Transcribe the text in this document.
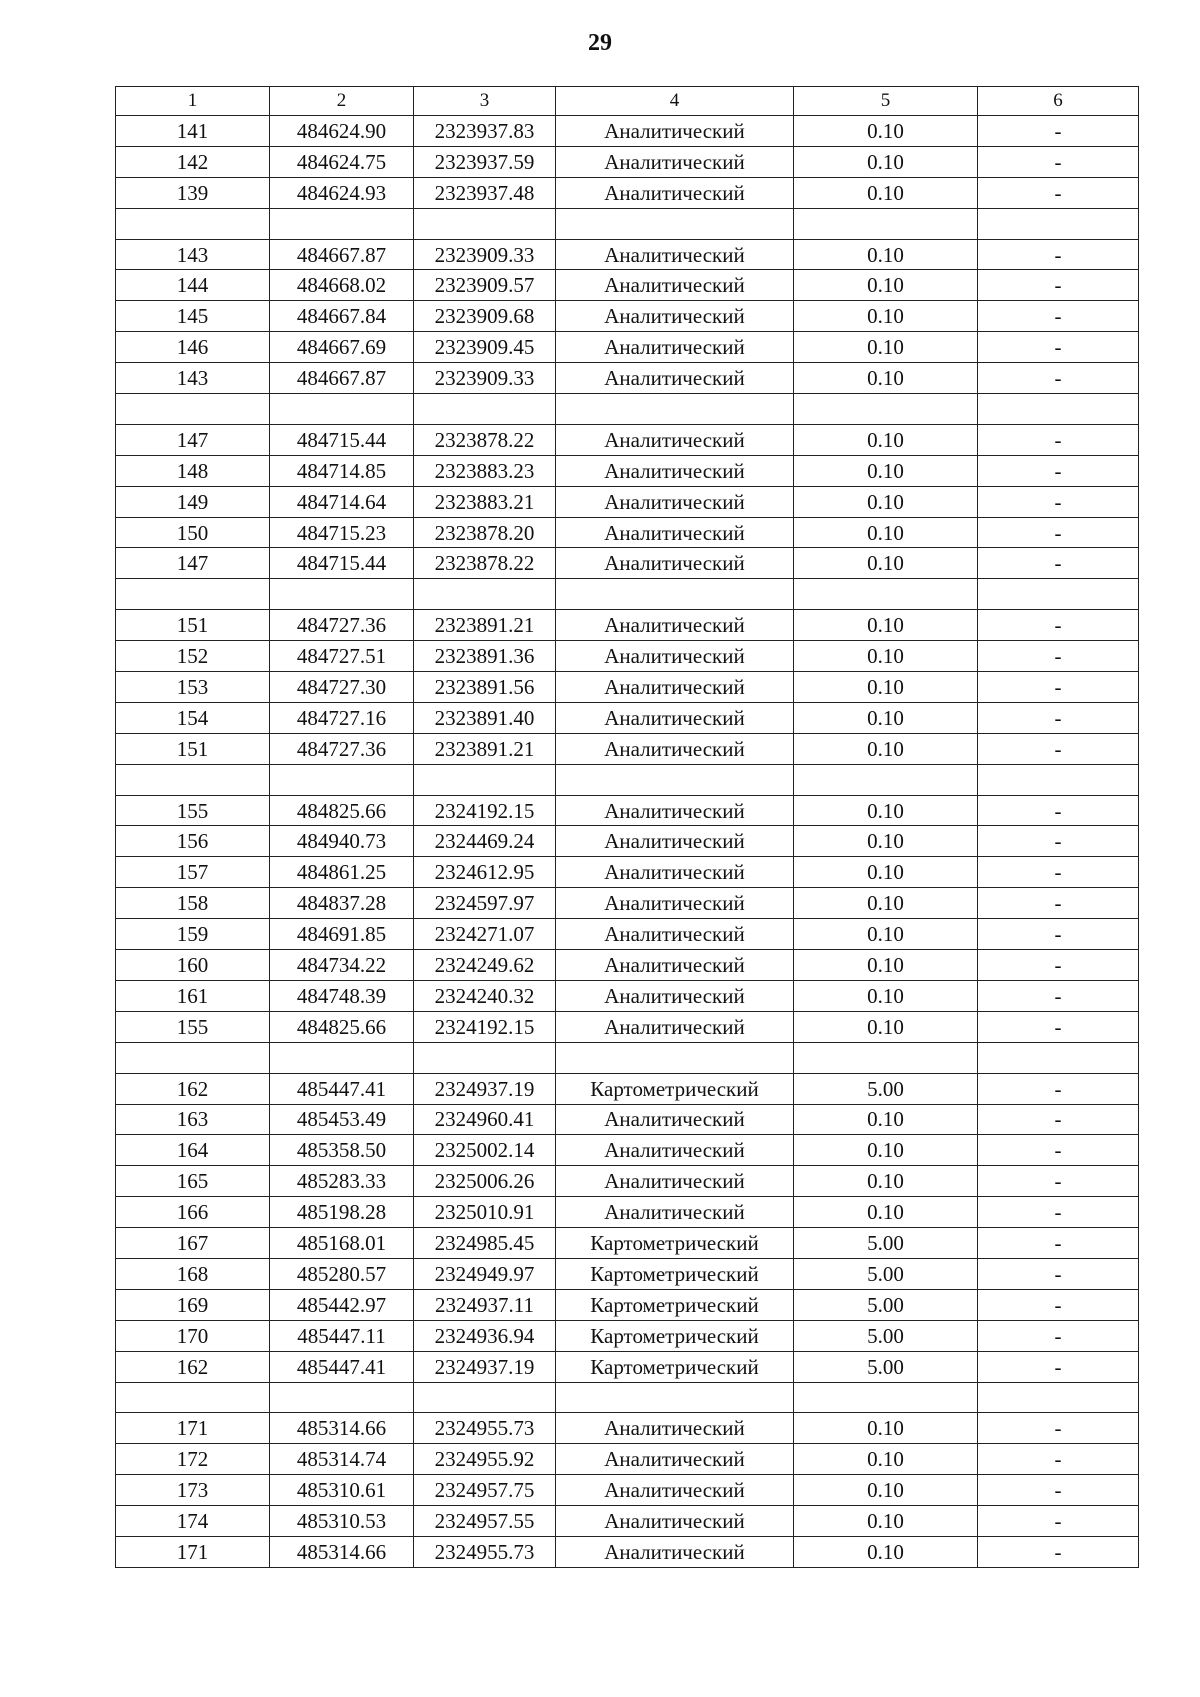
29
1	2	3	4	5	6
141	484624.90	2323937.83	Аналитический	0.10	-
142	484624.75	2323937.59	Аналитический	0.10	-
139	484624.93	2323937.48	Аналитический	0.10	-

143	484667.87	2323909.33	Аналитический	0.10	-
144	484668.02	2323909.57	Аналитический	0.10	-
145	484667.84	2323909.68	Аналитический	0.10	-
146	484667.69	2323909.45	Аналитический	0.10	-
143	484667.87	2323909.33	Аналитический	0.10	-

147	484715.44	2323878.22	Аналитический	0.10	-
148	484714.85	2323883.23	Аналитический	0.10	-
149	484714.64	2323883.21	Аналитический	0.10	-
150	484715.23	2323878.20	Аналитический	0.10	-
147	484715.44	2323878.22	Аналитический	0.10	-

151	484727.36	2323891.21	Аналитический	0.10	-
152	484727.51	2323891.36	Аналитический	0.10	-
153	484727.30	2323891.56	Аналитический	0.10	-
154	484727.16	2323891.40	Аналитический	0.10	-
151	484727.36	2323891.21	Аналитический	0.10	-

155	484825.66	2324192.15	Аналитический	0.10	-
156	484940.73	2324469.24	Аналитический	0.10	-
157	484861.25	2324612.95	Аналитический	0.10	-
158	484837.28	2324597.97	Аналитический	0.10	-
159	484691.85	2324271.07	Аналитический	0.10	-
160	484734.22	2324249.62	Аналитический	0.10	-
161	484748.39	2324240.32	Аналитический	0.10	-
155	484825.66	2324192.15	Аналитический	0.10	-

162	485447.41	2324937.19	Картометрический	5.00	-
163	485453.49	2324960.41	Аналитический	0.10	-
164	485358.50	2325002.14	Аналитический	0.10	-
165	485283.33	2325006.26	Аналитический	0.10	-
166	485198.28	2325010.91	Аналитический	0.10	-
167	485168.01	2324985.45	Картометрический	5.00	-
168	485280.57	2324949.97	Картометрический	5.00	-
169	485442.97	2324937.11	Картометрический	5.00	-
170	485447.11	2324936.94	Картометрический	5.00	-
162	485447.41	2324937.19	Картометрический	5.00	-

171	485314.66	2324955.73	Аналитический	0.10	-
172	485314.74	2324955.92	Аналитический	0.10	-
173	485310.61	2324957.75	Аналитический	0.10	-
174	485310.53	2324957.55	Аналитический	0.10	-
171	485314.66	2324955.73	Аналитический	0.10	-
